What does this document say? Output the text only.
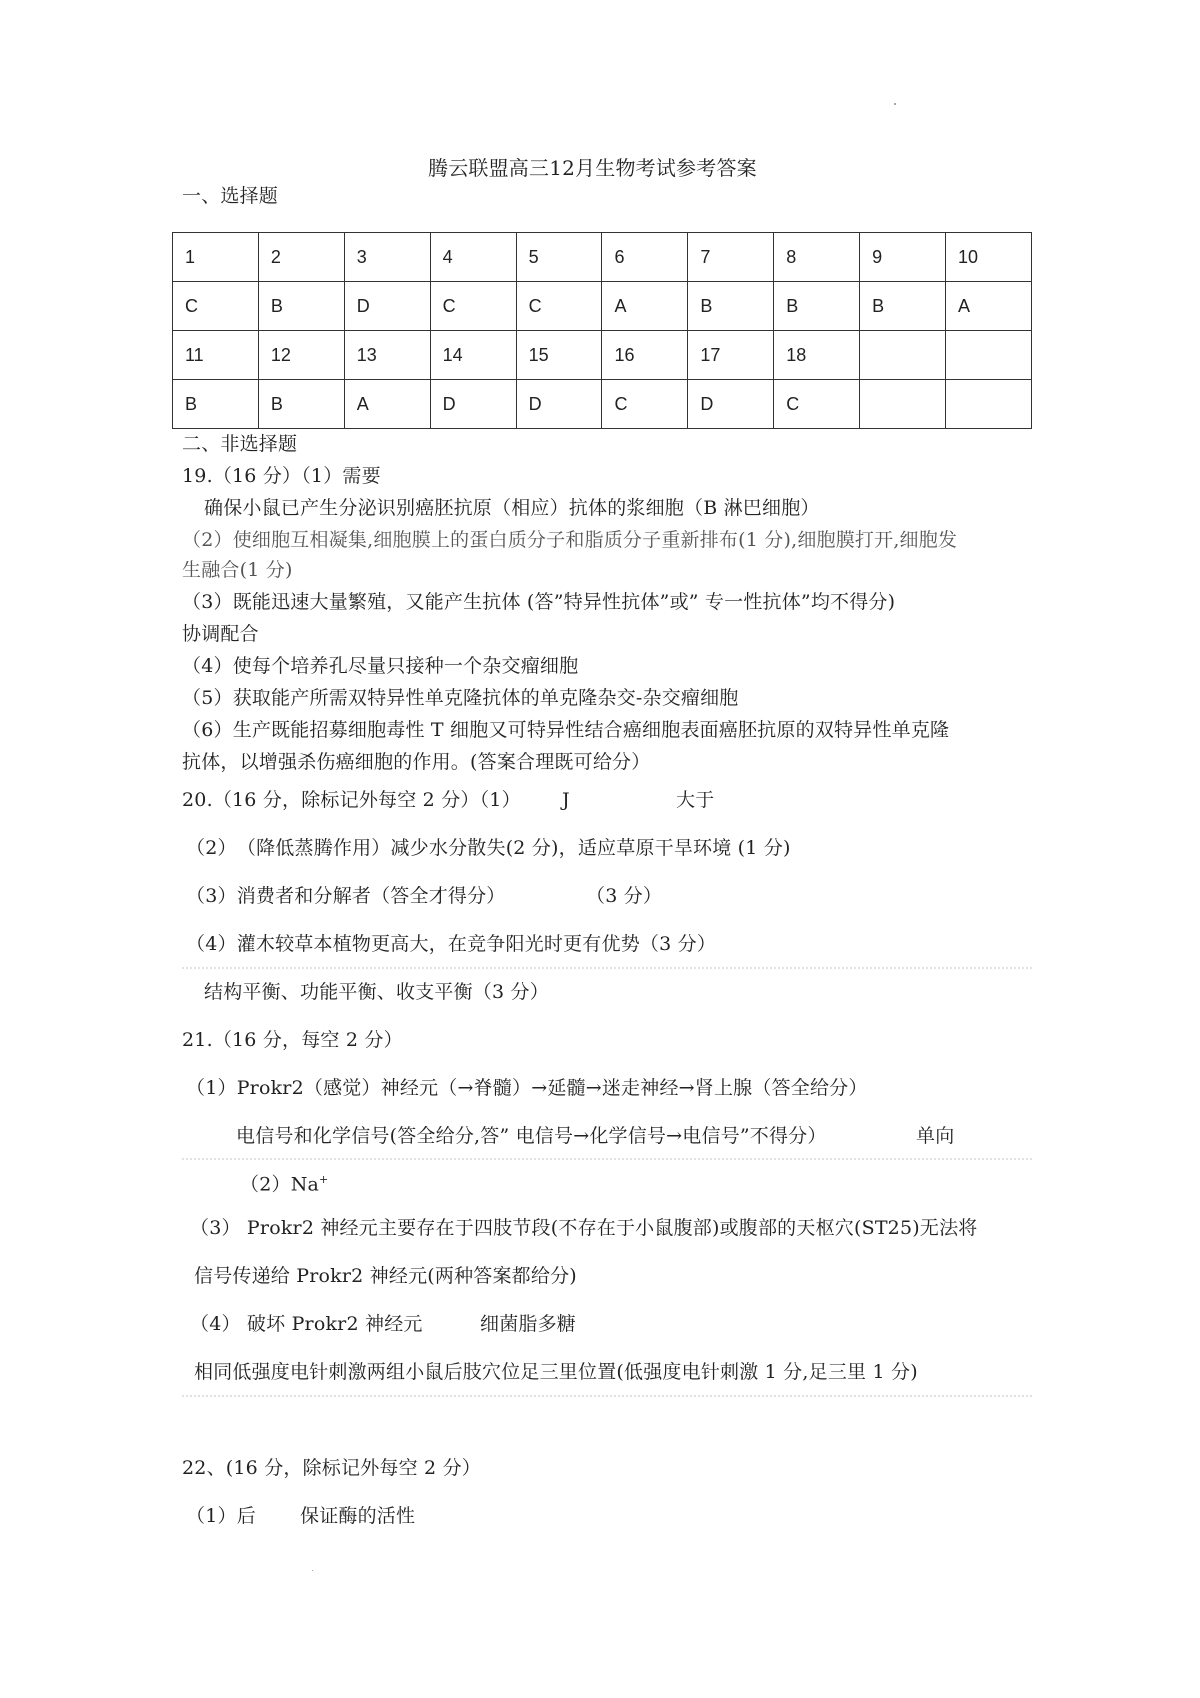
腾云联盟高三12月生物考试参考答案
一、选择题
1	2	3	4	5	6	7	8	9	10
C	B	D	C	C	A	B	B	B	A
11	12	13	14	15	16	17	18		
B	B	A	D	D	C	D	C		
二、非选择题
19.（16 分）（1）需要
确保小鼠已产生分泌识别癌胚抗原（相应）抗体的浆细胞（B 淋巴细胞）
（2）使细胞互相凝集,细胞膜上的蛋白质分子和脂质分子重新排布(1 分),细胞膜打开,细胞发
生融合(1 分)
（3）既能迅速大量繁殖，又能产生抗体 (答”特异性抗体”或” 专一性抗体”均不得分)
协调配合
（4）使每个培养孔尽量只接种一个杂交瘤细胞
（5）获取能产所需双特异性单克隆抗体的单克隆杂交-杂交瘤细胞
（6）生产既能招募细胞毒性 T 细胞又可特异性结合癌细胞表面癌胚抗原的双特异性单克隆
抗体，以增强杀伤癌细胞的作用。(答案合理既可给分）
20.（16 分，除标记外每空 2 分）（1） J	大于
（2）　（降低蒸腾作用）减少水分散失(2 分)，适应草原干旱环境 (1 分)
（3）消费者和分解者（答全才得分）	（3 分）
（4）灌木较草本植物更高大，在竞争阳光时更有优势（3 分）
结构平衡、功能平衡、收支平衡（3 分）
21.（16 分，每空 2 分）
（1）Prokr2（感觉）神经元（→脊髓）→延髓→迷走神经→肾上腺（答全给分）
电信号和化学信号(答全给分,答” 电信号→化学信号→电信号”不得分）	单向
（2）Na+
（3） Prokr2 神经元主要存在于四肢节段(不存在于小鼠腹部)或腹部的天枢穴(ST25)无法将
信号传递给 Prokr2 神经元(两种答案都给分)
（4） 破坏 Prokr2 神经元	细菌脂多糖
相同低强度电针刺激两组小鼠后肢穴位足三里位置(低强度电针刺激 1 分,足三里 1 分)
22、(16 分，除标记外每空 2 分）
（1）后 保证酶的活性
